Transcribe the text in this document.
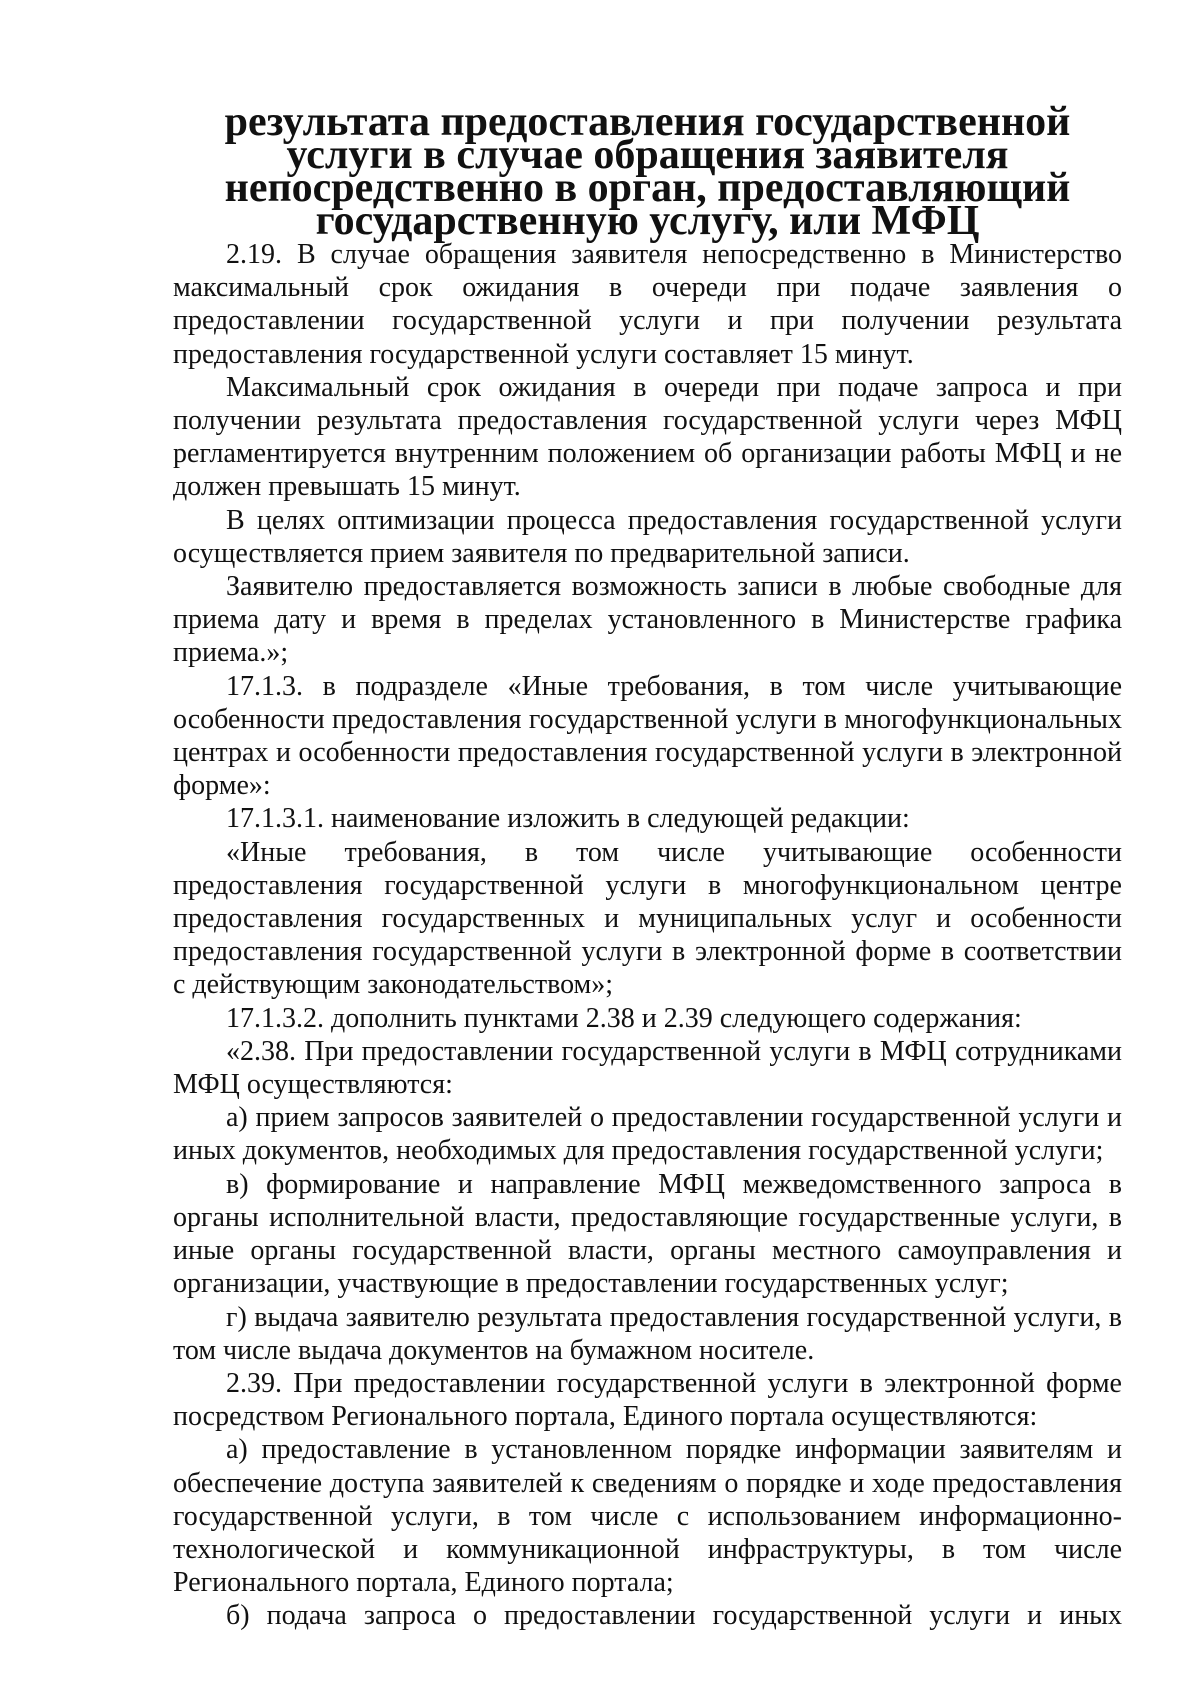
результата предоставления государственной услуги в случае обращения заявителя непосредственно в орган, предоставляющий государственную услугу, или МФЦ

2.19. В случае обращения заявителя непосредственно в Министерство максимальный срок ожидания в очереди при подаче заявления о предоставлении государственной услуги и при получении результата предоставления государственной услуги составляет 15 минут.

Максимальный срок ожидания в очереди при подаче запроса и при получении результата предоставления государственной услуги через МФЦ регламентируется внутренним положением об организации работы МФЦ и не должен превышать 15 минут.

В целях оптимизации процесса предоставления государственной услуги осуществляется прием заявителя по предварительной записи.

Заявителю предоставляется возможность записи в любые свободные для приема дату и время в пределах установленного в Министерстве графика приема.»;

17.1.3. в подразделе «Иные требования, в том числе учитывающие особенности предоставления государственной услуги в многофункциональных центрах и особенности предоставления государственной услуги в электронной форме»:

17.1.3.1. наименование изложить в следующей редакции:

«Иные требования, в том числе учитывающие особенности предоставления государственной услуги в многофункциональном центре предоставления государственных и муниципальных услуг и особенности предоставления государственной услуги в электронной форме в соответствии с действующим законодательством»;

17.1.3.2. дополнить пунктами 2.38 и 2.39 следующего содержания:

«2.38. При предоставлении государственной услуги в МФЦ сотрудниками МФЦ осуществляются:

а) прием запросов заявителей о предоставлении государственной услуги и иных документов, необходимых для предоставления государственной услуги;

в) формирование и направление МФЦ межведомственного запроса в органы исполнительной власти, предоставляющие государственные услуги, в иные органы государственной власти, органы местного самоуправления и организации, участвующие в предоставлении государственных услуг;

г) выдача заявителю результата предоставления государственной услуги, в том числе выдача документов на бумажном носителе.

2.39. При предоставлении государственной услуги в электронной форме посредством Регионального портала, Единого портала осуществляются:

а) предоставление в установленном порядке информации заявителям и обеспечение доступа заявителей к сведениям о порядке и ходе предоставления государственной услуги, в том числе с использованием информационно-технологической и коммуникационной инфраструктуры, в том числе Регионального портала, Единого портала;

б) подача запроса о предоставлении государственной услуги и иных
